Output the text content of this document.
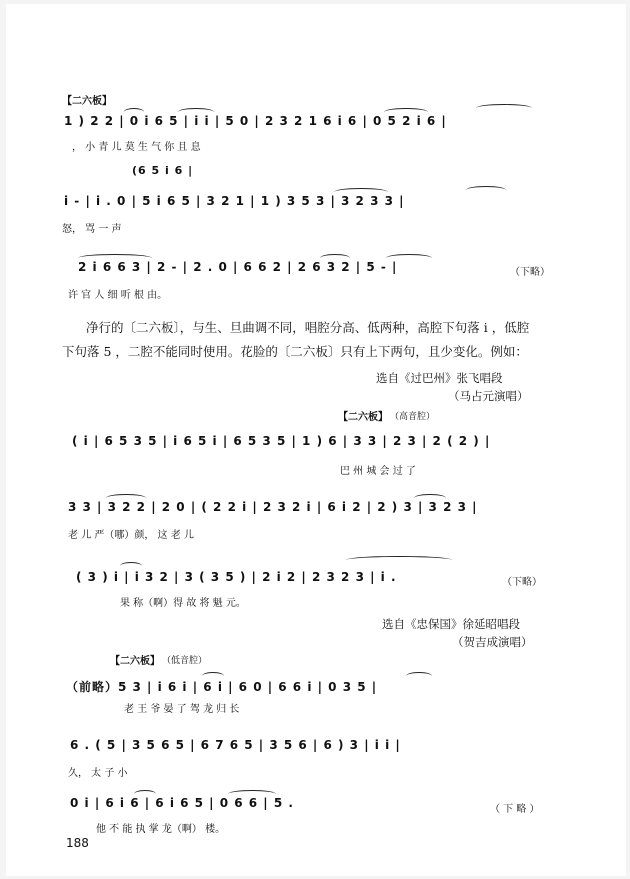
【二六板】
1 ) 2 2 | 0 i 6 5 | i i | 5 0 | 2 3 2 1 6 i 6 | 0 5 2 i 6 |
， 小 青 儿 莫 生 气 你 且 息
(6 5 i 6 |
i - | i . 0 | 5 i 6 5 | 3 2 1 | 1 ) 3 5 3 | 3 2 3 3 |
怒， 骂 一 声
2 i 6 6 3 | 2 - | 2 . 0 | 6 6 2 | 2 6 3 2 | 5 - |	（下略）
许 官 人 细 听 根 由。
净行的〔二六板〕，与生、旦曲调不同，唱腔分高、低两种，高腔下句落 i ，低腔
下句落 5 ，二腔不能同时使用。花脸的〔二六板〕只有上下两句，且少变化。例如：
选自《过巴州》张飞唱段
（马占元演唱）
【二六板】 （高音腔）
( i | 6 5 3 5 | i 6 5 i | 6 5 3 5 | 1 ) 6 | 3 3 | 2 3 | 2 ( 2 ) |
巴 州 城 会 过 了
3 3 | 3 2 2 | 2 0 | ( 2 2 i | 2 3 2 i | 6 i 2 | 2 ) 3 | 3 2 3 |
老 儿 严（哪）颜， 这 老 儿
( 3 ) i | i 3 2 | 3 ( 3 5 ) | 2 i 2 | 2 3 2 3 | i .	（下略）
果 称（啊）得 故 将 魁 元。
选自《忠保国》徐延昭唱段
（贺吉成演唱）
【二六板】 （低音腔）
（前略）5 3 | i 6 i | 6 i | 6 0 | 6 6 i | 0 3 5 |
老 王 爷 晏 了 驾 龙 归 长
6 . ( 5 | 3 5 6 5 | 6 7 6 5 | 3 5 6 | 6 ) 3 | i i |
久， 太 子 小
0 i | 6 i 6 | 6 i 6 5 | 0 6 6 | 5 .	（ 下 略 ）
他 不 能 执 掌 龙（啊） 楼。
188
